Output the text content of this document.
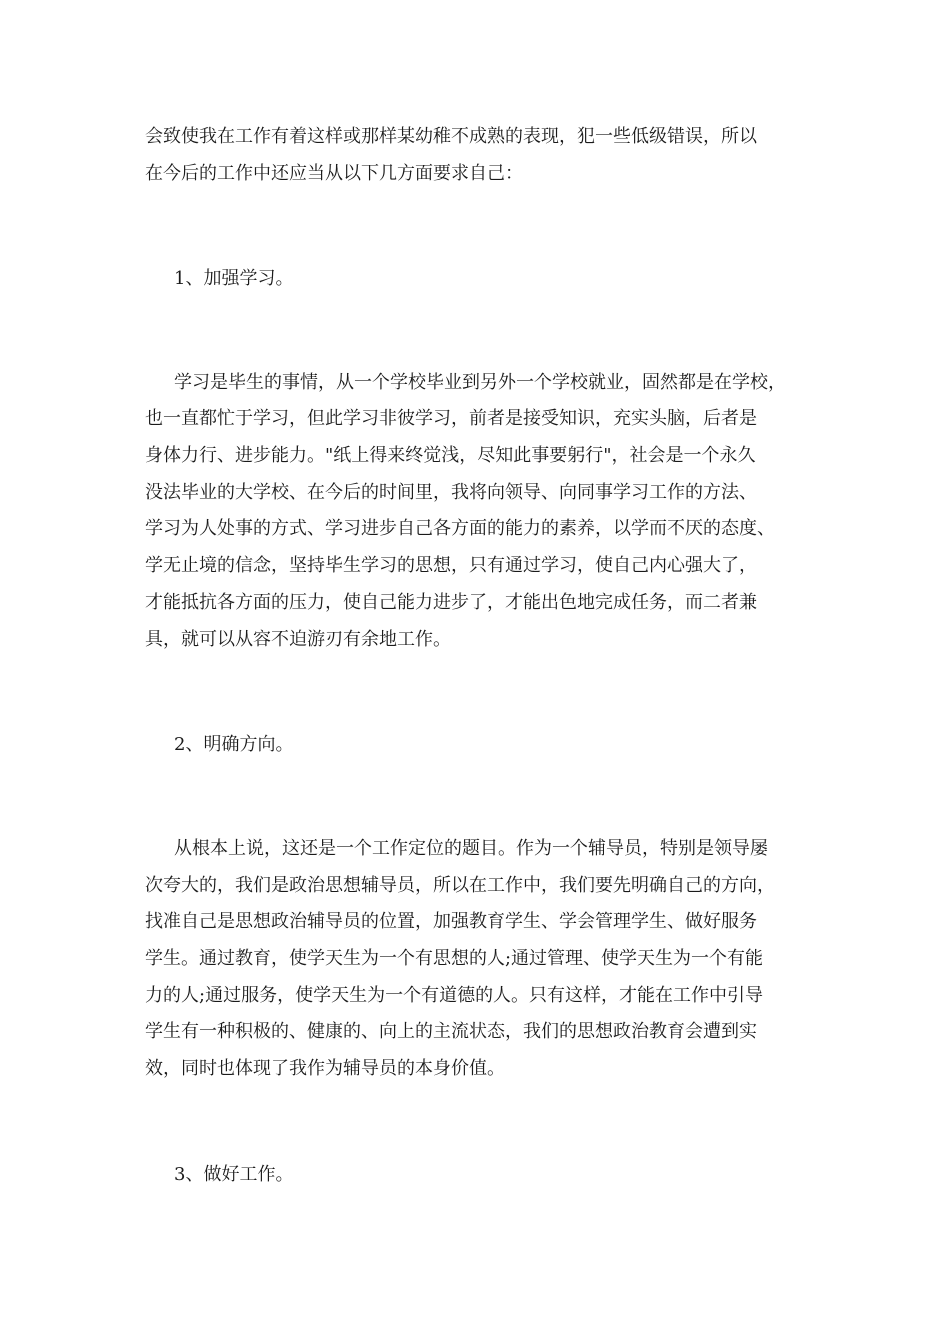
会致使我在工作有着这样或那样某幼稚不成熟的表现，犯一些低级错误，所以
在今后的工作中还应当从以下几方面要求自己：
1、加强学习。
学习是毕生的事情，从一个学校毕业到另外一个学校就业，固然都是在学校，
也一直都忙于学习，但此学习非彼学习，前者是接受知识，充实头脑，后者是
身体力行、进步能力。"纸上得来终觉浅，尽知此事要躬行"，社会是一个永久
没法毕业的大学校、在今后的时间里，我将向领导、向同事学习工作的方法、
学习为人处事的方式、学习进步自己各方面的能力的素养，以学而不厌的态度、
学无止境的信念，坚持毕生学习的思想，只有通过学习，使自己内心强大了，
才能抵抗各方面的压力，使自己能力进步了，才能出色地完成任务，而二者兼
具，就可以从容不迫游刃有余地工作。
2、明确方向。
从根本上说，这还是一个工作定位的题目。作为一个辅导员，特别是领导屡
次夸大的，我们是政治思想辅导员，所以在工作中，我们要先明确自己的方向，
找准自己是思想政治辅导员的位置，加强教育学生、学会管理学生、做好服务
学生。通过教育，使学天生为一个有思想的人;通过管理、使学天生为一个有能
力的人;通过服务，使学天生为一个有道德的人。只有这样，才能在工作中引导
学生有一种积极的、健康的、向上的主流状态，我们的思想政治教育会遭到实
效，同时也体现了我作为辅导员的本身价值。
3、做好工作。
